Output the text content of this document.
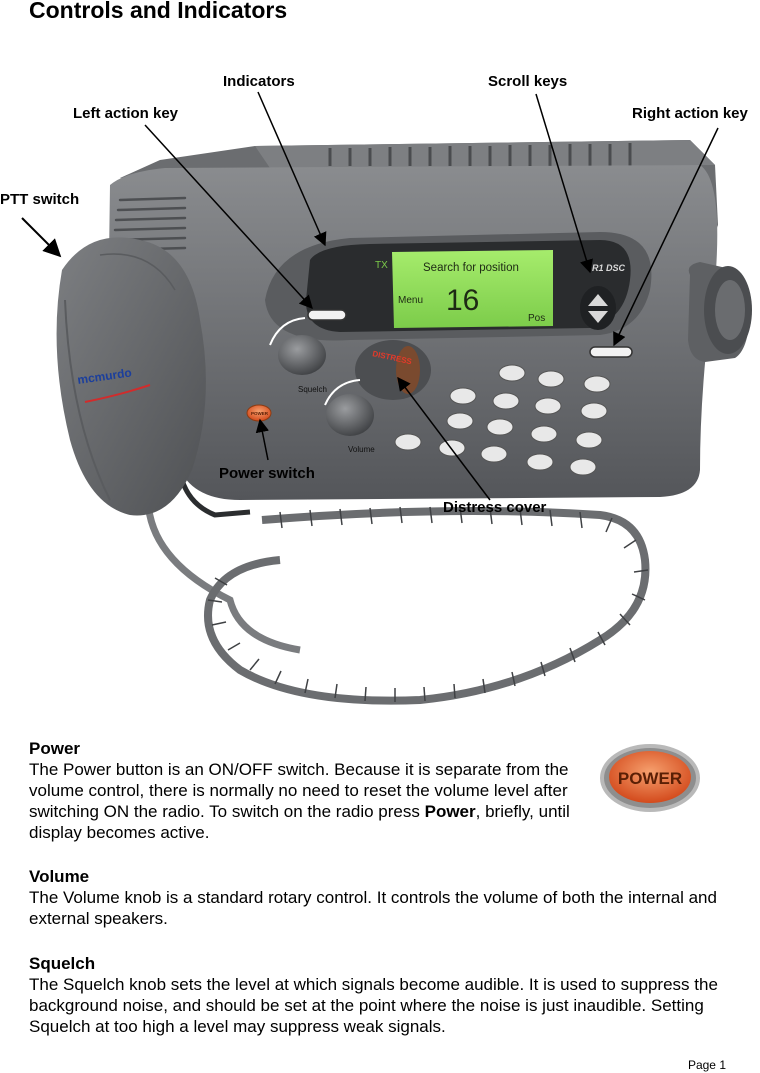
Controls and Indicators
TX	Search for position
16
Menu
Pos
R1 DSC
DISTRESS
Squelch
Volume
POWER
mcmurdo
Indicators	Scroll keys
Left action key	Right action key
PTT switch
Power switch
Distress cover
Power

The Power button is an ON/OFF switch. Because it is separate from the volume control, there is normally no need to reset the volume level after switching ON the radio. To switch on the radio press Power, briefly, until display becomes active.

POWER
Volume

The Volume knob is a standard rotary control. It controls the volume of both the internal and external speakers.

Squelch

The Squelch knob sets the level at which signals become audible. It is used to suppress the background noise, and should be set at the point where the noise is just inaudible. Setting Squelch at too high a level may suppress weak signals.

Page 1
